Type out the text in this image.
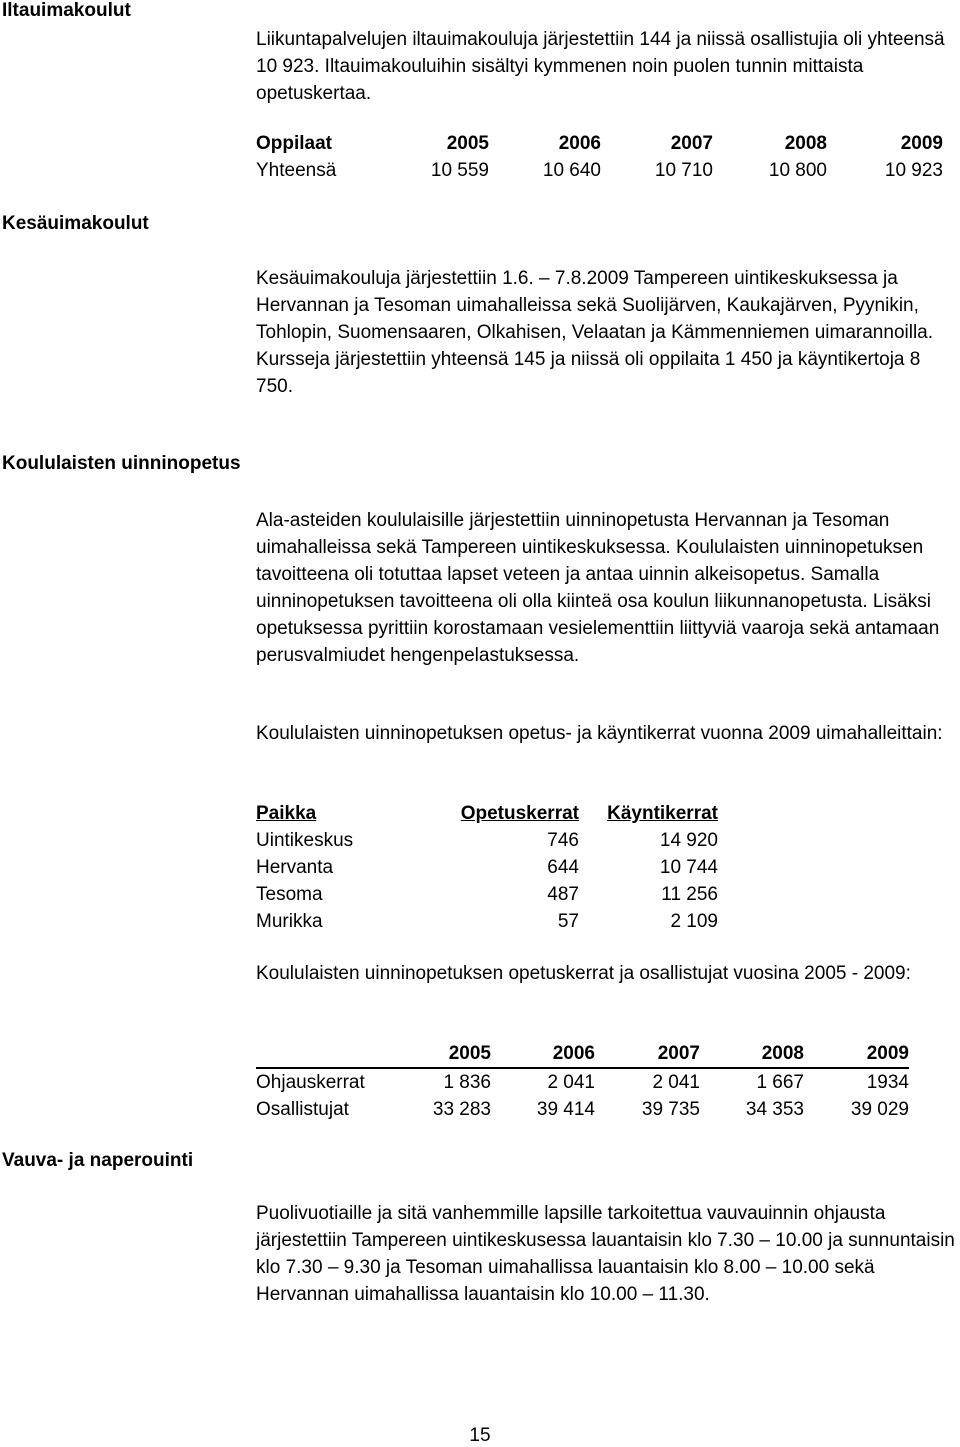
Iltauimakoulut
Kesäuimakoulut
Koululaisten uinninopetus
Vauva- ja naperouinti
Liikuntapalvelujen iltauimakouluja järjestettiin 144 ja niissä osallistujia oli yhteensä 10 923. Iltauimakouluihin sisältyi kymmenen noin puolen tunnin mittaista opetuskertaa.
Oppilaat	2005	2006	2007	2008	2009
Yhteensä	10 559	10 640	10 710	10 800	10 923
Kesäuimakouluja järjestettiin 1.6. – 7.8.2009 Tampereen uintikeskuksessa ja Hervannan ja Tesoman uimahalleissa sekä Suolijärven, Kaukajärven, Pyynikin, Tohlopin, Suomensaaren, Olkahisen, Velaatan ja Kämmenniemen uimarannoilla. Kursseja järjestettiin yhteensä 145 ja niissä oli oppilaita 1 450 ja käyntikertoja 8 750.
Ala-asteiden koululaisille järjestettiin uinninopetusta Hervannan ja Tesoman uimahalleissa sekä Tampereen uintikeskuksessa. Koululaisten uinninopetuksen tavoitteena oli totuttaa lapset veteen ja antaa uinnin alkeisopetus. Samalla uinninopetuksen tavoitteena oli olla kiinteä osa koulun liikunnanopetusta. Lisäksi opetuksessa pyrittiin korostamaan vesielementtiin liittyviä vaaroja sekä antamaan perusvalmiudet hengenpelastuksessa.
Koululaisten uinninopetuksen opetus- ja käyntikerrat vuonna 2009 uimahalleittain:
Paikka	Opetuskerrat	Käyntikerrat
Uintikeskus	746	14 920
Hervanta	644	10 744
Tesoma	487	11 256
Murikka	57	2 109
Koululaisten uinninopetuksen opetuskerrat ja osallistujat vuosina 2005 - 2009:
	2005	2006	2007	2008	2009
Ohjauskerrat	1 836	2 041	2 041	1 667	1934
Osallistujat	33 283	39 414	39 735	34 353	39 029
Puolivuotiaille ja sitä vanhemmille lapsille tarkoitettua vauvauinnin ohjausta järjestettiin Tampereen uintikeskusessa lauantaisin klo 7.30 – 10.00 ja sunnuntaisin klo 7.30 – 9.30 ja Tesoman uimahallissa lauantaisin klo 8.00 – 10.00 sekä Hervannan uimahallissa lauantaisin klo 10.00 – 11.30.
15
